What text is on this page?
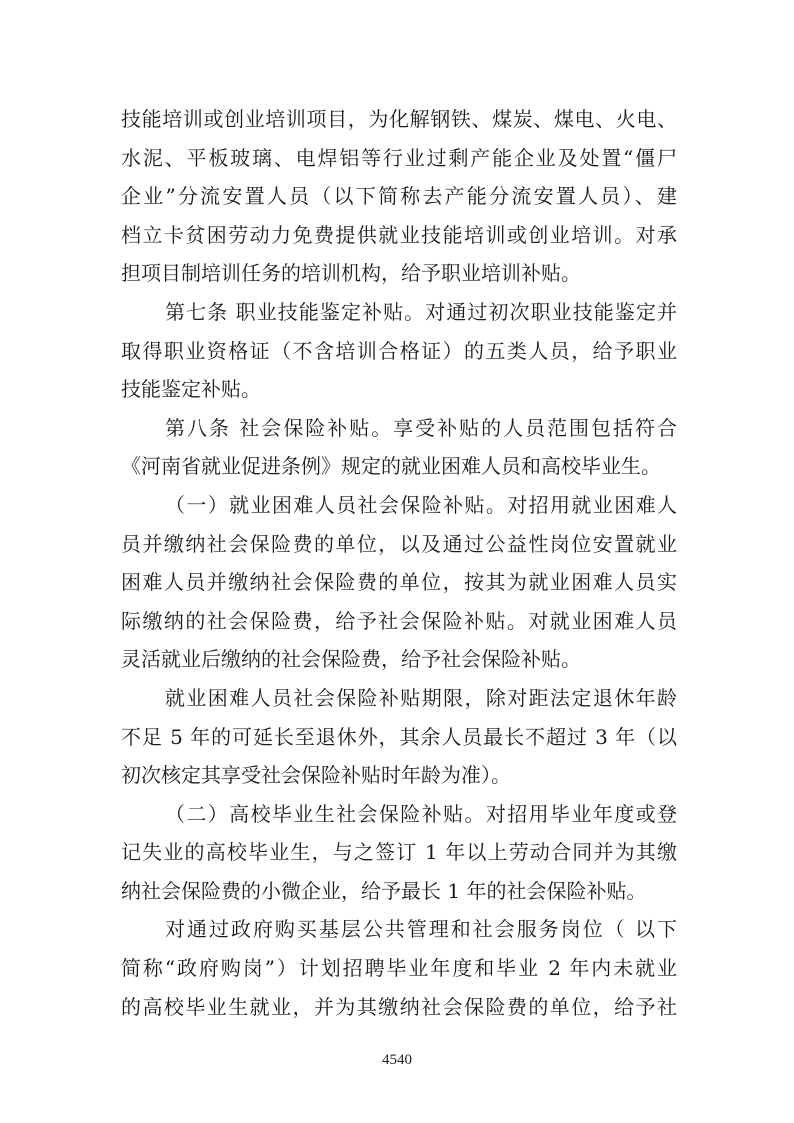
技能培训或创业培训项目，为化解钢铁、煤炭、煤电、火电、
水泥、平板玻璃、电焊铝等行业过剩产能企业及处置“僵尸
企业”分流安置人员（以下简称去产能分流安置人员）、建
档立卡贫困劳动力免费提供就业技能培训或创业培训。对承
担项目制培训任务的培训机构，给予职业培训补贴。
第七条 职业技能鉴定补贴。对通过初次职业技能鉴定并
取得职业资格证（不含培训合格证）的五类人员，给予职业
技能鉴定补贴。
第八条 社会保险补贴。享受补贴的人员范围包括符合
《河南省就业促进条例》规定的就业困难人员和高校毕业生。
（一）就业困难人员社会保险补贴。对招用就业困难人
员并缴纳社会保险费的单位，以及通过公益性岗位安置就业
困难人员并缴纳社会保险费的单位，按其为就业困难人员实
际缴纳的社会保险费，给予社会保险补贴。对就业困难人员
灵活就业后缴纳的社会保险费，给予社会保险补贴。
就业困难人员社会保险补贴期限，除对距法定退休年龄
不足 5 年的可延长至退休外，其余人员最长不超过 3 年（以
初次核定其享受社会保险补贴时年龄为准）。
（二）高校毕业生社会保险补贴。对招用毕业年度或登
记失业的高校毕业生，与之签订 1 年以上劳动合同并为其缴
纳社会保险费的小微企业，给予最长 1 年的社会保险补贴。
对通过政府购买基层公共管理和社会服务岗位（ 以下
简称“政府购岗”）计划招聘毕业年度和毕业 2 年内未就业
的高校毕业生就业，并为其缴纳社会保险费的单位，给予社
4540
